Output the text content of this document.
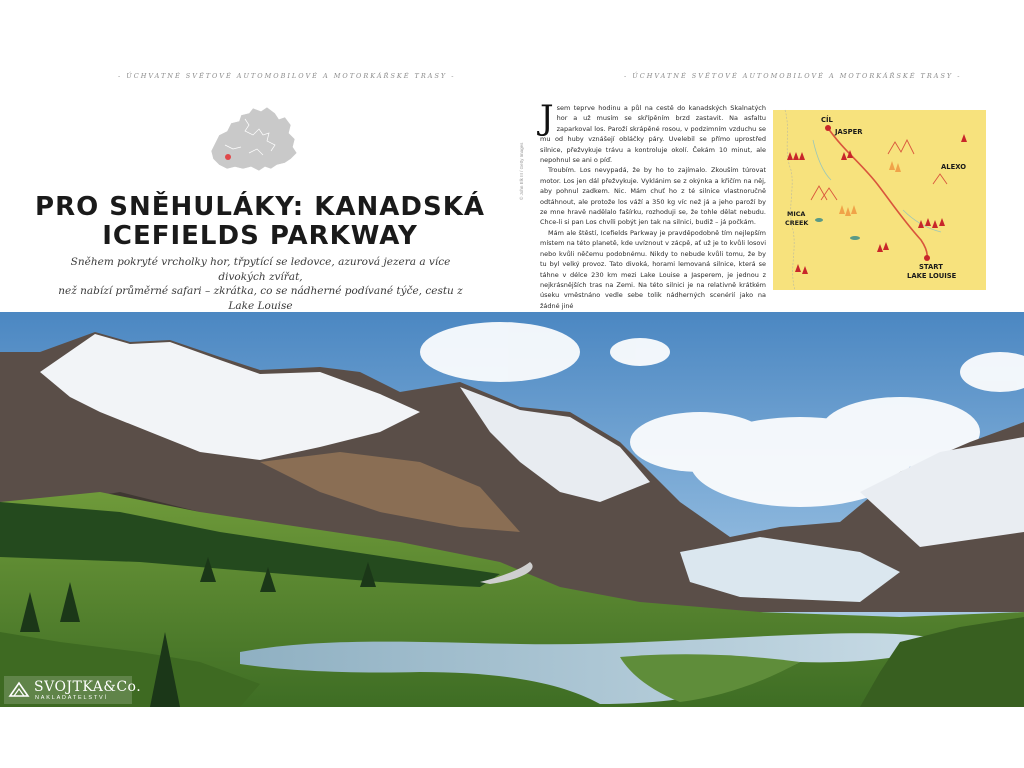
- ÚCHVATNÉ SVĚTOVÉ AUTOMOBILOVÉ A MOTORKÁŘSKÉ TRASY -	- ÚCHVATNÉ SVĚTOVÉ AUTOMOBILOVÉ A MOTORKÁŘSKÉ TRASY -
PRO SNĚHULÁKY: KANADSKÁ
ICEFIELDS PARKWAY
Sněhem pokryté vrcholky hor, třpytící se ledovce, azurová jezera a více divokých zvířat,
než nabízí průměrné safari – zkrátka, co se nádherné podívané týče, cestu z Lake Louise
© John Elk III / Getty Images

Jsem teprve hodinu a půl na cestě do kanadských Skalnatých hor a už musím se skřípěním brzd zastavit. Na asfaltu zaparkoval los. Paroží skrápěné rosou, v podzimním vzduchu se mu od huby vznášejí obláčky páry. Uvelebil se přímo uprostřed silnice, přežvykuje trávu a kontroluje okolí. Čekám 10 minut, ale nepohnul se ani o píď.

Troubím. Los nevypadá, že by ho to zajímalo. Zkouším túrovat motor. Los jen dál přežvykuje. Vyklánim se z okýnka a křičím na něj, aby pohnul zadkem. Nic. Mám chuť ho z té silnice vlastnoručně odtáhnout, ale protože los váží a 350 kg víc než já a jeho paroží by ze mne hravě nadělalo fašírku, rozhoduji se, že tohle dělat nebudu. Chce-li si pan Los chvíli pobýt jen tak na silnici, budiž – já počkám.

Mám ale štěstí, Icefields Parkway je pravděpodobně tím nejlepším místem na této planetě, kde uvíznout v zácpě, ať už je to kvůli losovi nebo kvůli něčemu podobnému. Nikdy to nebude kvůli tomu, že by tu byl velký provoz. Tato divoká, horami lemovaná silnice, která se táhne v délce 230 km mezi Lake Louise a Jasperem, je jednou z nejkrásnějších tras na Zemi. Na této silnici je na relativně krátkém úseku vměstnáno vedle sebe tolik nádherných scenérií jako na žádné jiné

CÍL
JASPER
ALEXO
MICA
CREEK
START
LAKE LOUISE
SVOJTKA&Co.
NAKLADATELSTVÍ
